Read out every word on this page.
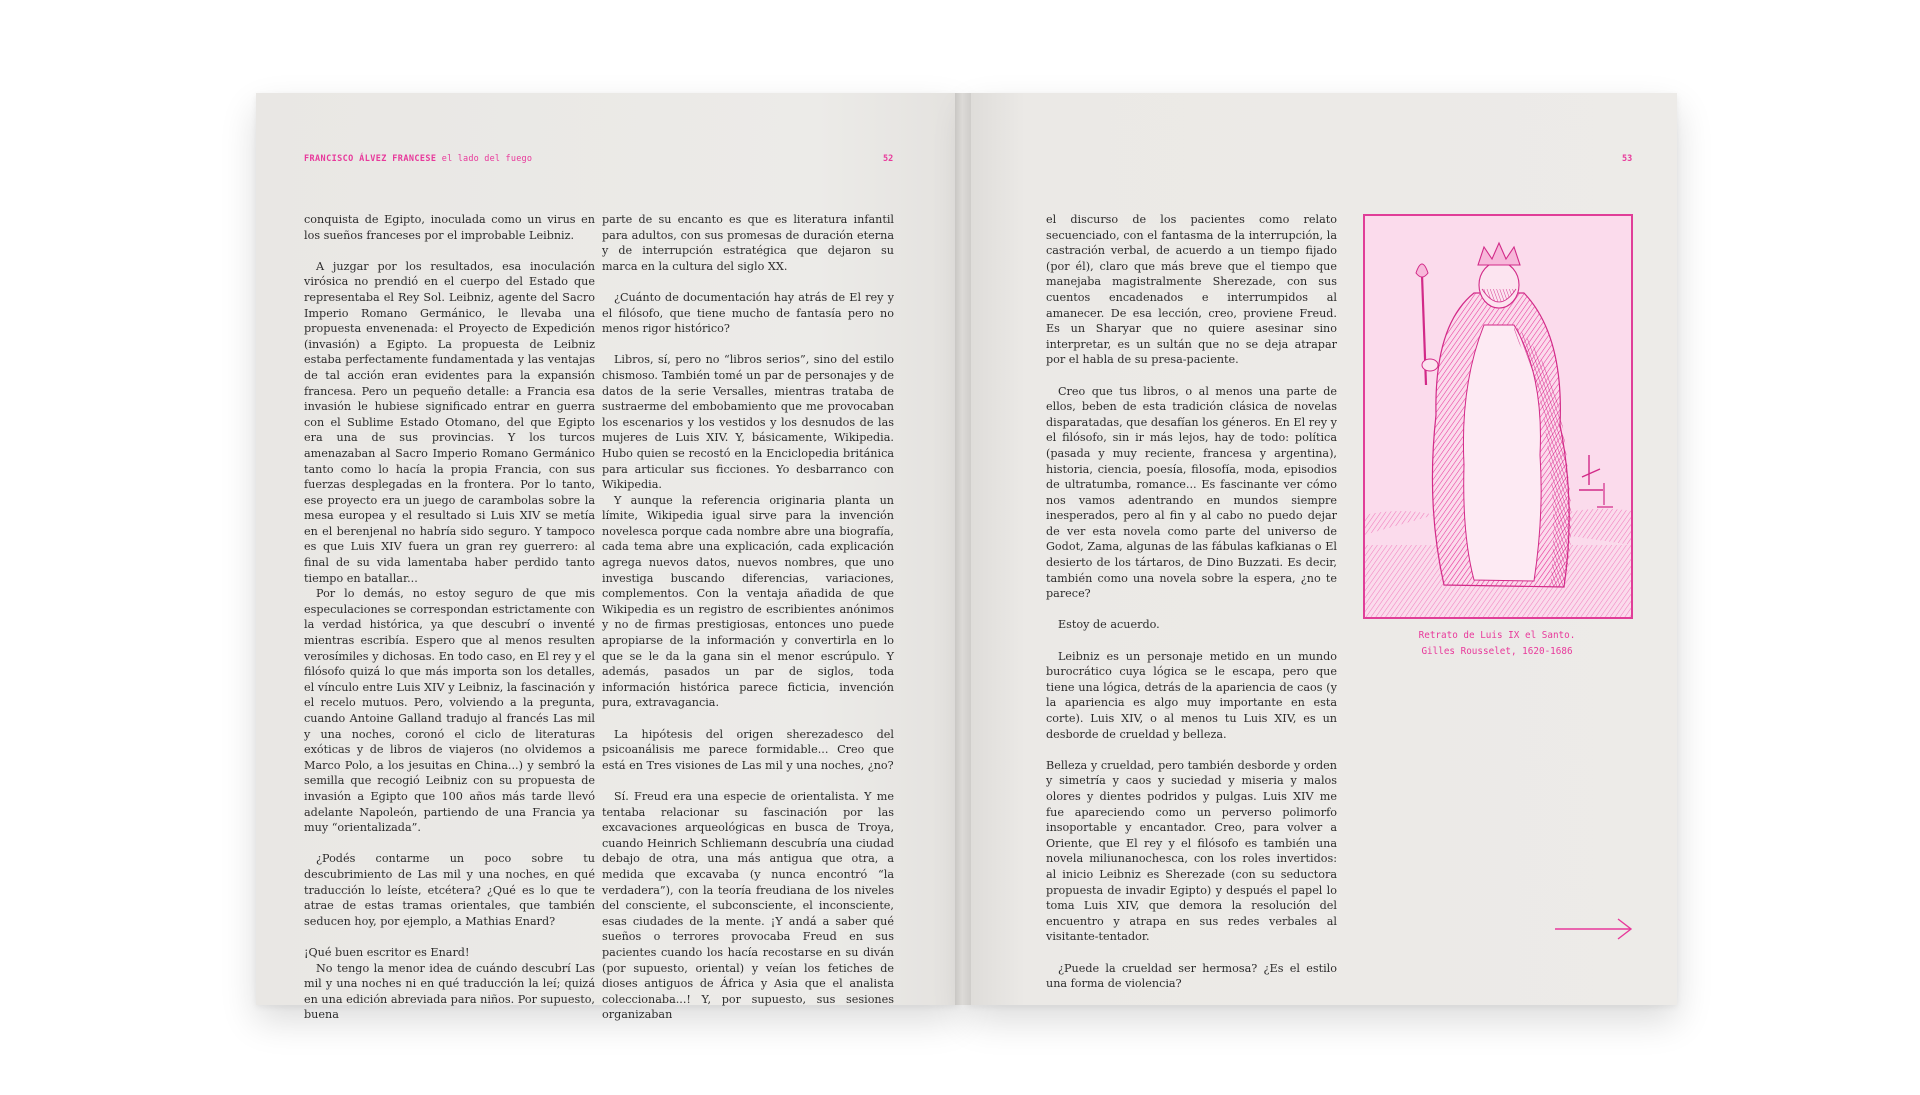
FRANCISCO ÁLVEZ FRANCESE el lado del fuego	52	53

conquista de Egipto, inoculada como un virus en los sueños franceses por el improbable Leibniz.

A juzgar por los resultados, esa inoculación virósica no prendió en el cuerpo del Estado que representaba el Rey Sol. Leibniz, agente del Sacro Imperio Romano Germánico, le llevaba una propuesta envenenada: el Proyecto de Expedición (invasión) a Egipto. La propuesta de Leibniz estaba perfectamente fundamentada y las ventajas de tal acción eran evidentes para la expansión francesa. Pero un pequeño detalle: a Francia esa invasión le hubiese significado entrar en guerra con el Sublime Estado Otomano, del que Egipto era una de sus provincias. Y los turcos amenazaban al Sacro Imperio Romano Germánico tanto como lo hacía la propia Francia, con sus fuerzas desplegadas en la frontera. Por lo tanto, ese proyecto era un juego de carambolas sobre la mesa europea y el resultado si Luis XIV se metía en el berenjenal no habría sido seguro. Y tampoco es que Luis XIV fuera un gran rey guerrero: al final de su vida lamentaba haber perdido tanto tiempo en batallar...

Por lo demás, no estoy seguro de que mis especulaciones se correspondan estrictamente con la verdad histórica, ya que descubrí o inventé mientras escribía. Espero que al menos resulten verosímiles y dichosas. En todo caso, en El rey y el filósofo quizá lo que más importa son los detalles, el vínculo entre Luis XIV y Leibniz, la fascinación y el recelo mutuos. Pero, volviendo a la pregunta, cuando Antoine Galland tradujo al francés Las mil y una noches, coronó el ciclo de literaturas exóticas y de libros de viajeros (no olvidemos a Marco Polo, a los jesuitas en China...) y sembró la semilla que recogió Leibniz con su propuesta de invasión a Egipto que 100 años más tarde llevó adelante Napoleón, partiendo de una Francia ya muy “orientalizada”.

¿Podés contarme un poco sobre tu descubrimiento de Las mil y una noches, en qué traducción lo leíste, etcétera? ¿Qué es lo que te atrae de estas tramas orientales, que también seducen hoy, por ejemplo, a Mathias Enard?

¡Qué buen escritor es Enard!

No tengo la menor idea de cuándo descubrí Las mil y una noches ni en qué traducción la leí; quizá en una edición abreviada para niños. Por supuesto, buena

parte de su encanto es que es literatura infantil para adultos, con sus promesas de duración eterna y de interrupción estratégica que dejaron su marca en la cultura del siglo XX.

¿Cuánto de documentación hay atrás de El rey y el filósofo, que tiene mucho de fantasía pero no menos rigor histórico?

Libros, sí, pero no “libros serios”, sino del estilo chismoso. También tomé un par de personajes y de datos de la serie Versalles, mientras trataba de sustraerme del embobamiento que me provocaban los escenarios y los vestidos y los desnudos de las mujeres de Luis XIV. Y, básicamente, Wikipedia. Hubo quien se recostó en la Enciclopedia británica para articular sus ficciones. Yo desbarranco con Wikipedia.

Y aunque la referencia originaria planta un límite, Wikipedia igual sirve para la invención novelesca porque cada nombre abre una biografía, cada tema abre una explicación, cada explicación agrega nuevos datos, nuevos nombres, que uno investiga buscando diferencias, variaciones, complementos. Con la ventaja añadida de que Wikipedia es un registro de escribientes anónimos y no de firmas prestigiosas, entonces uno puede apropiarse de la información y convertirla en lo que se le da la gana sin el menor escrúpulo. Y además, pasados un par de siglos, toda información histórica parece ficticia, invención pura, extravagancia.

La hipótesis del origen sherezadesco del psicoanálisis me parece formidable... Creo que está en Tres visiones de Las mil y una noches, ¿no?

Sí. Freud era una especie de orientalista. Y me tentaba relacionar su fascinación por las excavaciones arqueológicas en busca de Troya, cuando Heinrich Schliemann descubría una ciudad debajo de otra, una más antigua que otra, a medida que excavaba (y nunca encontró “la verdadera”), con la teoría freudiana de los niveles del consciente, el subconsciente, el inconsciente, esas ciudades de la mente. ¡Y andá a saber qué sueños o terrores provocaba Freud en sus pacientes cuando los hacía recostarse en su diván (por supuesto, oriental) y veían los fetiches de dioses antiguos de África y Asia que el analista coleccionaba...! Y, por supuesto, sus sesiones organizaban

el discurso de los pacientes como relato secuenciado, con el fantasma de la interrupción, la castración verbal, de acuerdo a un tiempo fijado (por él), claro que más breve que el tiempo que manejaba magistralmente Sherezade, con sus cuentos encadenados e interrumpidos al amanecer. De esa lección, creo, proviene Freud. Es un Sharyar que no quiere asesinar sino interpretar, es un sultán que no se deja atrapar por el habla de su presa-paciente.

Creo que tus libros, o al menos una parte de ellos, beben de esta tradición clásica de novelas disparatadas, que desafían los géneros. En El rey y el filósofo, sin ir más lejos, hay de todo: política (pasada y muy reciente, francesa y argentina), historia, ciencia, poesía, filosofía, moda, episodios de ultratumba, romance... Es fascinante ver cómo nos vamos adentrando en mundos siempre inesperados, pero al fin y al cabo no puedo dejar de ver esta novela como parte del universo de Godot, Zama, algunas de las fábulas kafkianas o El desierto de los tártaros, de Dino Buzzati. Es decir, también como una novela sobre la espera, ¿no te parece?

Estoy de acuerdo.

Leibniz es un personaje metido en un mundo burocrático cuya lógica se le escapa, pero que tiene una lógica, detrás de la apariencia de caos (y la apariencia es algo muy importante en esta corte). Luis XIV, o al menos tu Luis XIV, es un desborde de crueldad y belleza.

Belleza y crueldad, pero también desborde y orden y simetría y caos y suciedad y miseria y malos olores y dientes podridos y pulgas. Luis XIV me fue apareciendo como un perverso polimorfo insoportable y encantador. Creo, para volver a Oriente, que El rey y el filósofo es también una novela miliunanochesca, con los roles invertidos: al inicio Leibniz es Sherezade (con su seductora propuesta de invadir Egipto) y después el papel lo toma Luis XIV, que demora la resolución del encuentro y atrapa en sus redes verbales al visitante-tentador.

¿Puede la crueldad ser hermosa? ¿Es el estilo una forma de violencia?

Retrato de Luis IX el Santo.
Gilles Rousselet, 1620-1686
